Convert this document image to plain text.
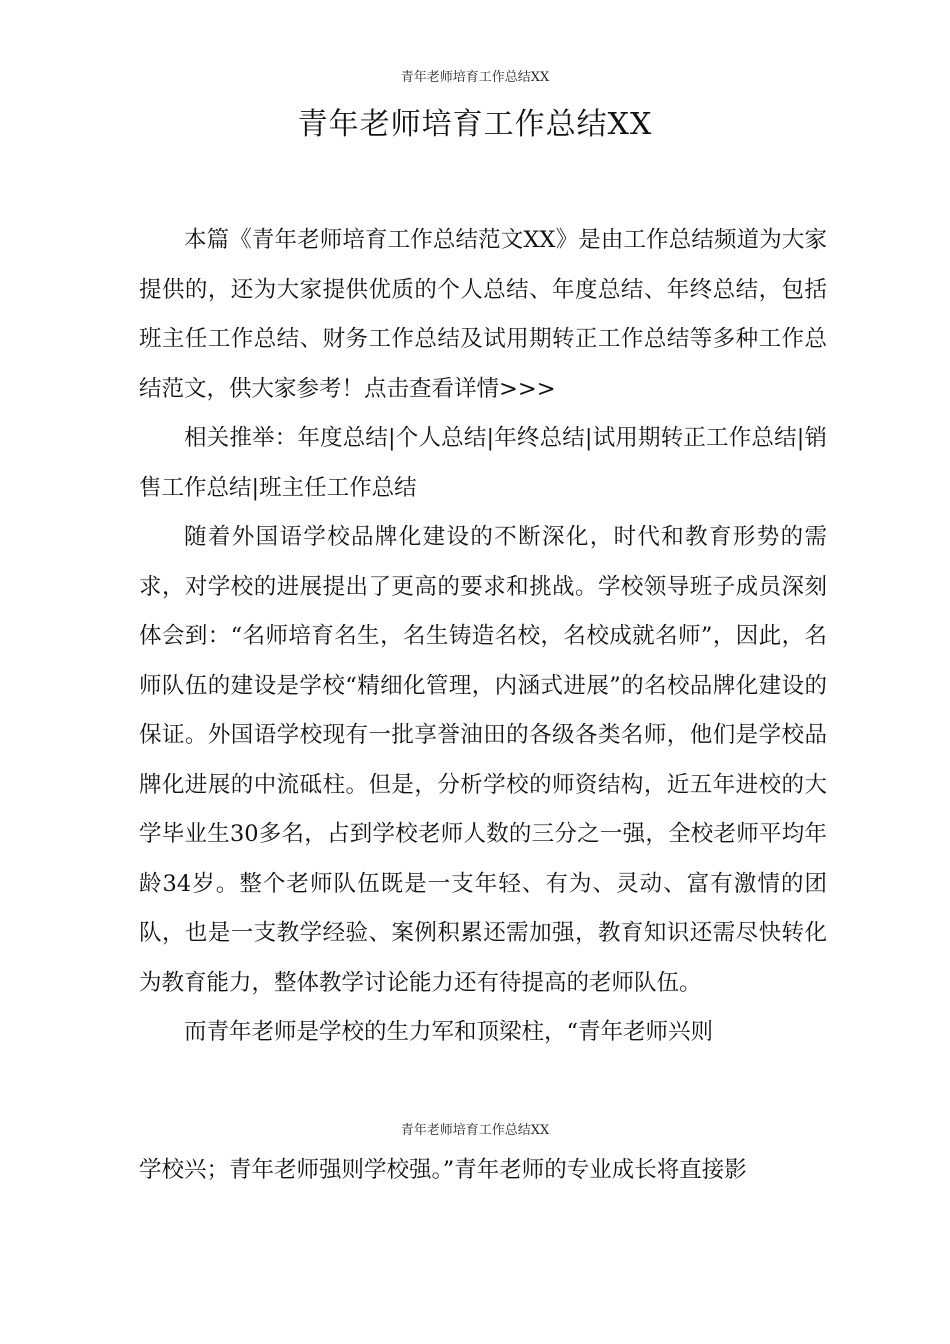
青年老师培育工作总结XX
青年老师培育工作总结XX

本篇《青年老师培育工作总结范文XX》是由工作总结频道为大家提供的，还为大家提供优质的个人总结、年度总结、年终总结，包括班主任工作总结、财务工作总结及试用期转正工作总结等多种工作总结范文，供大家参考！点击查看详情>>>

相关推举：年度总结|个人总结|年终总结|试用期转正工作总结|销售工作总结|班主任工作总结

随着外国语学校品牌化建设的不断深化，时代和教育形势的需求，对学校的进展提出了更高的要求和挑战。学校领导班子成员深刻体会到：“名师培育名生，名生铸造名校，名校成就名师”，因此，名师队伍的建设是学校“精细化管理，内涵式进展”的名校品牌化建设的保证。外国语学校现有一批享誉油田的各级各类名师，他们是学校品牌化进展的中流砥柱。但是，分析学校的师资结构，近五年进校的大学毕业生30多名，占到学校老师人数的三分之一强，全校老师平均年龄34岁。整个老师队伍既是一支年轻、有为、灵动、富有激情的团队，也是一支教学经验、案例积累还需加强，教育知识还需尽快转化为教育能力，整体教学讨论能力还有待提高的老师队伍。

而青年老师是学校的生力军和顶梁柱，“青年老师兴则

青年老师培育工作总结XX

学校兴；青年老师强则学校强。”青年老师的专业成长将直接影
